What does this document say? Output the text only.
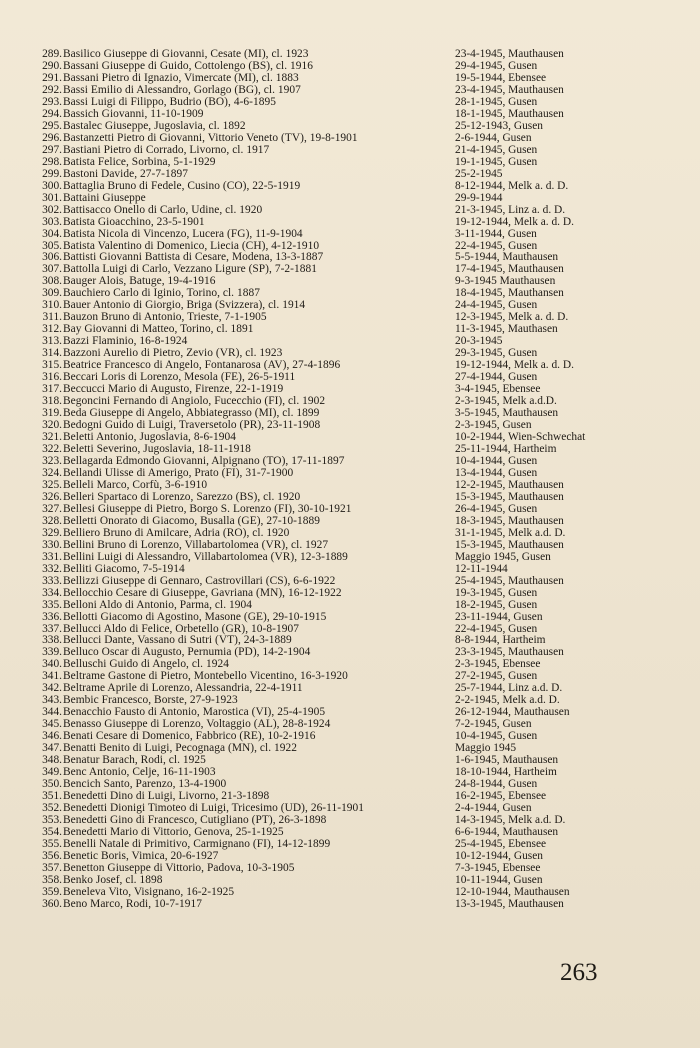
289. Basilico Giuseppe di Giovanni, Cesate (MI), cl. 1923	23-4-1945, Mauthausen
290. Bassani Giuseppe di Guido, Cottolengo (BS), cl. 1916	29-4-1945, Gusen
291. Bassani Pietro di Ignazio, Vimercate (MI), cl. 1883	19-5-1944, Ebensee
292. Bassi Emilio di Alessandro, Gorlago (BG), cl. 1907	23-4-1945, Mauthausen
293. Bassi Luigi di Filippo, Budrio (BO), 4-6-1895	28-1-1945, Gusen
294. Bassich Giovanni, 11-10-1909	18-1-1945, Mauthausen
295. Bastalec Giuseppe, Jugoslavia, cl. 1892	25-12-1943, Gusen
296. Bastanzetti Pietro di Giovanni, Vittorio Veneto (TV), 19-8-1901	2-6-1944, Gusen
297. Bastiani Pietro di Corrado, Livorno, cl. 1917	21-4-1945, Gusen
298. Batista Felice, Sorbina, 5-1-1929	19-1-1945, Gusen
299. Bastoni Davide, 27-7-1897	25-2-1945
300. Battaglia Bruno di Fedele, Cusino (CO), 22-5-1919	8-12-1944, Melk a. d. D.
301. Battaini Giuseppe	29-9-1944
302. Battisacco Onello di Carlo, Udine, cl. 1920	21-3-1945, Linz a. d. D.
303. Batista Gioacchino, 23-5-1901	19-12-1944, Melk a. d. D.
304. Batista Nicola di Vincenzo, Lucera (FG), 11-9-1904	3-11-1944, Gusen
305. Batista Valentino di Domenico, Liecia (CH), 4-12-1910	22-4-1945, Gusen
306. Battisti Giovanni Battista di Cesare, Modena, 13-3-1887	5-5-1944, Mauthausen
307. Battolla Luigi di Carlo, Vezzano Ligure (SP), 7-2-1881	17-4-1945, Mauthausen
308. Bauger Alois, Batuge, 19-4-1916	9-3-1945 Mauthausen
309. Bauchiero Carlo di Iginio, Torino, cl. 1887	18-4-1945, Mauthansen
310. Bauer Antonio di Giorgio, Briga (Svizzera), cl. 1914	24-4-1945, Gusen
311. Bauzon Bruno di Antonio, Trieste, 7-1-1905	12-3-1945, Melk a. d. D.
312. Bay Giovanni di Matteo, Torino, cl. 1891	11-3-1945, Mauthasen
313. Bazzi Flaminio, 16-8-1924	20-3-1945
314. Bazzoni Aurelio di Pietro, Zevio (VR), cl. 1923	29-3-1945, Gusen
315. Beatrice Francesco di Angelo, Fontanarosa (AV), 27-4-1896	19-12-1944, Melk a. d. D.
316. Beccari Loris di Lorenzo, Mesola (FE), 26-5-1911	27-4-1944, Gusen
317. Beccucci Mario di Augusto, Firenze, 22-1-1919	3-4-1945, Ebensee
318. Begoncini Fernando di Angiolo, Fucecchio (FI), cl. 1902	2-3-1945, Melk a.d.D.
319. Beda Giuseppe di Angelo, Abbiategrasso (MI), cl. 1899	3-5-1945, Mauthausen
320. Bedogni Guido di Luigi, Traversetolo (PR), 23-11-1908	2-3-1945, Gusen
321. Beletti Antonio, Jugoslavia, 8-6-1904	10-2-1944, Wien-Schwechat
322. Beletti Severino, Jugoslavia, 18-11-1918	25-11-1944, Hartheim
323. Bellagarda Edmondo Giovanni, Alpignano (TO), 17-11-1897	10-4-1944, Gusen
324. Bellandi Ulisse di Amerigo, Prato (FI), 31-7-1900	13-4-1944, Gusen
325. Belleli Marco, Corfù, 3-6-1910	12-2-1945, Mauthausen
326. Belleri Spartaco di Lorenzo, Sarezzo (BS), cl. 1920	15-3-1945, Mauthausen
327. Bellesi Giuseppe di Pietro, Borgo S. Lorenzo (FI), 30-10-1921	26-4-1945, Gusen
328. Belletti Onorato di Giacomo, Busalla (GE), 27-10-1889	18-3-1945, Mauthausen
329. Belliero Bruno di Amilcare, Adria (RO), cl. 1920	31-1-1945, Melk a.d. D.
330. Bellini Bruno di Lorenzo, Villabartolomea (VR), cl. 1927	15-3-1945, Mauthausen
331. Bellini Luigi di Alessandro, Villabartolomea (VR), 12-3-1889	Maggio 1945, Gusen
332. Belliti Giacomo, 7-5-1914	12-11-1944
333. Bellizzi Giuseppe di Gennaro, Castrovillari (CS), 6-6-1922	25-4-1945, Mauthausen
334. Bellocchio Cesare di Giuseppe, Gavriana (MN), 16-12-1922	19-3-1945, Gusen
335. Belloni Aldo di Antonio, Parma, cl. 1904	18-2-1945, Gusen
336. Bellotti Giacomo di Agostino, Masone (GE), 29-10-1915	23-11-1944, Gusen
337. Bellucci Aldo di Felice, Orbetello (GR), 10-8-1907	22-4-1945, Gusen
338. Bellucci Dante, Vassano di Sutri (VT), 24-3-1889	8-8-1944, Hartheim
339. Belluco Oscar di Augusto, Pernumia (PD), 14-2-1904	23-3-1945, Mauthausen
340. Belluschi Guido di Angelo, cl. 1924	2-3-1945, Ebensee
341. Beltrame Gastone di Pietro, Montebello Vicentino, 16-3-1920	27-2-1945, Gusen
342. Beltrame Aprile di Lorenzo, Alessandria, 22-4-1911	25-7-1944, Linz a.d. D.
343. Bembic Francesco, Borste, 27-9-1923	2-2-1945, Melk a.d. D.
344. Benacchio Fausto di Antonio, Marostica (VI), 25-4-1905	26-12-1944, Mauthausen
345. Benasso Giuseppe di Lorenzo, Voltaggio (AL), 28-8-1924	7-2-1945, Gusen
346. Benati Cesare di Domenico, Fabbrico (RE), 10-2-1916	10-4-1945, Gusen
347. Benatti Benito di Luigi, Pecognaga (MN), cl. 1922	Maggio 1945
348. Benatur Barach, Rodi, cl. 1925	1-6-1945, Mauthausen
349. Benc Antonio, Celje, 16-11-1903	18-10-1944, Hartheim
350. Bencich Santo, Parenzo, 13-4-1900	24-8-1944, Gusen
351. Benedetti Dino di Luigi, Livorno, 21-3-1898	16-2-1945, Ebensee
352. Benedetti Dionigi Timoteo di Luigi, Tricesimo (UD), 26-11-1901	2-4-1944, Gusen
353. Benedetti Gino di Francesco, Cutigliano (PT), 26-3-1898	14-3-1945, Melk a.d. D.
354. Benedetti Mario di Vittorio, Genova, 25-1-1925	6-6-1944, Mauthausen
355. Benelli Natale di Primitivo, Carmignano (FI), 14-12-1899	25-4-1945, Ebensee
356. Benetic Boris, Vimica, 20-6-1927	10-12-1944, Gusen
357. Benetton Giuseppe di Vittorio, Padova, 10-3-1905	7-3-1945, Ebensee
358. Benko Josef, cl. 1898	10-11-1944, Gusen
359. Beneleva Vito, Visignano, 16-2-1925	12-10-1944, Mauthausen
360. Beno Marco, Rodi, 10-7-1917	13-3-1945, Mauthausen
263
